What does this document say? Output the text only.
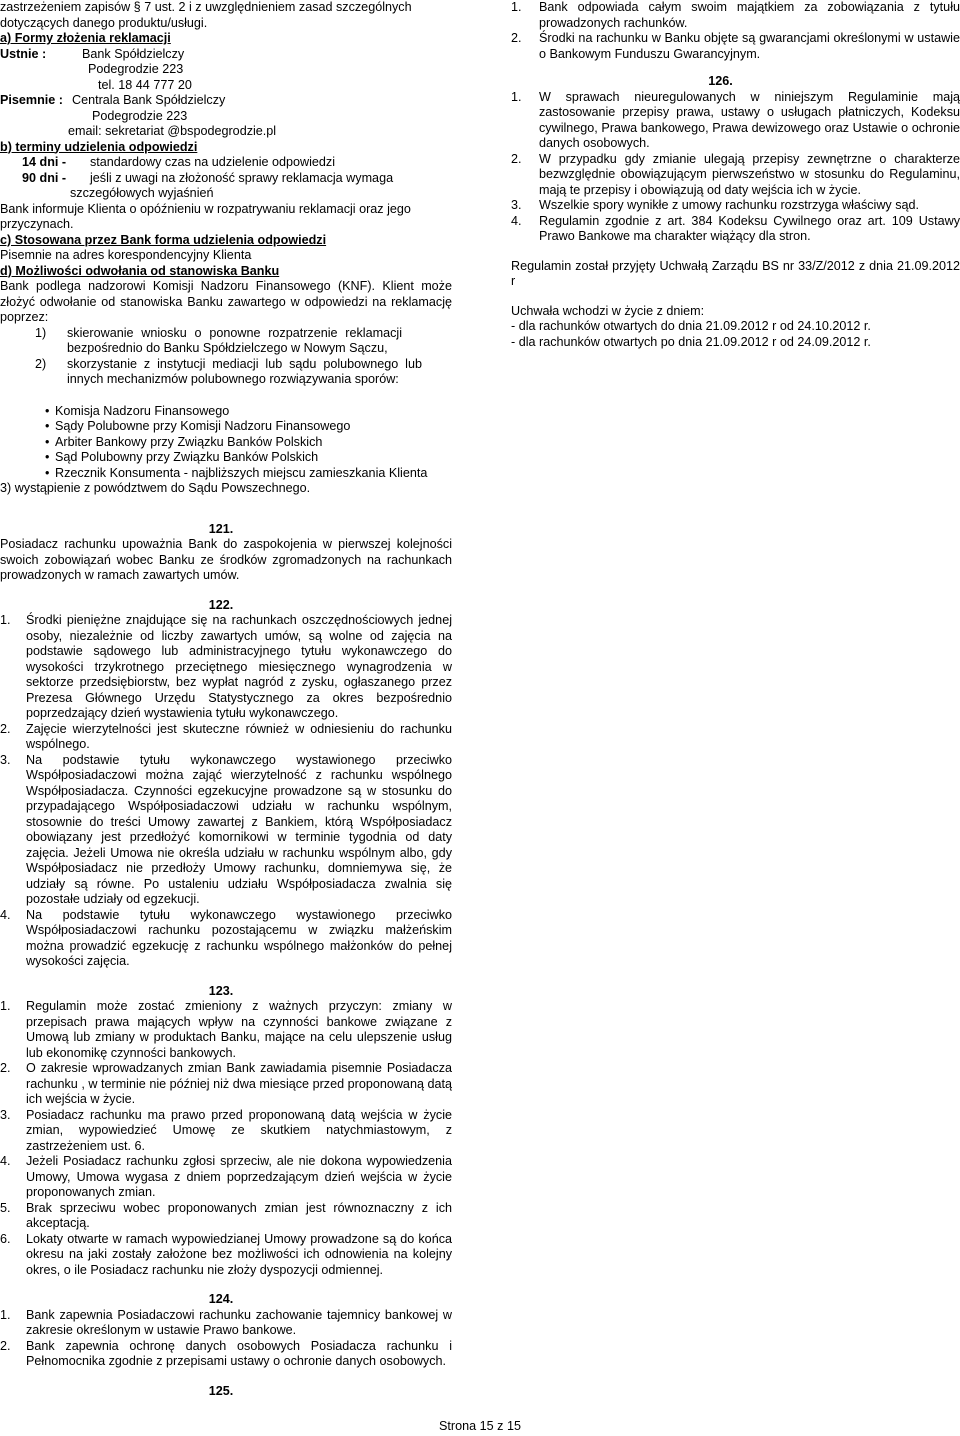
zastrzeżeniem zapisów § 7 ust. 2 i z uwzględnieniem zasad szczególnych

dotyczących danego produktu/usługi.

a) Formy złożenia reklamacji

Ustnie :	Bank Spółdzielczy

Podegrodzie 223

tel. 18 44 777 20

Pisemnie : Centrala Bank Spółdzielczy

Podegrodzie 223

email: sekretariat @bspodegrodzie.pl

b) terminy udzielenia odpowiedzi

14 dni -	standardowy czas na udzielenie odpowiedzi
90 dni -	jeśli z uwagi na złożoność sprawy reklamacja wymaga

szczegółowych wyjaśnień

Bank informuje Klienta o opóźnieniu w rozpatrywaniu reklamacji oraz jego przyczynach.

c) Stosowana przez Bank forma udzielenia odpowiedzi

Pisemnie na adres korespondencyjny Klienta

d) Możliwości odwołania od stanowiska Banku

Bank podlega nadzorowi Komisji Nadzoru Finansowego (KNF). Klient może złożyć odwołanie od stanowiska Banku zawartego w odpowiedzi na reklamację poprzez:

1)	skierowanie wniosku o ponowne rozpatrzenie reklamacji bezpośrednio do Banku Spółdzielczego w Nowym Sączu,
2)	skorzystanie z instytucji mediacji lub sądu polubownego lub innych mechanizmów polubownego rozwiązywania sporów:
• Komisja Nadzoru Finansowego
• Sądy Polubowne przy Komisji Nadzoru Finansowego
• Arbiter Bankowy przy Związku Banków Polskich
• Sąd Polubowny przy Związku Banków Polskich
• Rzecznik Konsumenta - najbliższych miejscu zamieszkania Klienta

3) wystąpienie z powództwem do Sądu Powszechnego.

121.

Posiadacz rachunku upoważnia Bank do zaspokojenia w pierwszej kolejności swoich zobowiązań wobec Banku ze środków zgromadzonych na rachunkach prowadzonych w ramach zawartych umów.

122.

1.	Środki pieniężne znajdujące się na rachunkach oszczędnościowych jednej osoby, niezależnie od liczby zawartych umów, są wolne od zajęcia na podstawie sądowego lub administracyjnego tytułu wykonawczego do wysokości trzykrotnego przeciętnego miesięcznego wynagrodzenia w sektorze przedsiębiorstw, bez wypłat nagród z zysku, ogłaszanego przez Prezesa Głównego Urzędu Statystycznego za okres bezpośrednio poprzedzający dzień wystawienia tytułu wykonawczego.
2.	Zajęcie wierzytelności jest skuteczne również w odniesieniu do rachunku wspólnego.
3.	Na podstawie tytułu wykonawczego wystawionego przeciwko Współposiadaczowi można zająć wierzytelność z rachunku wspólnego Współposiadacza. Czynności egzekucyjne prowadzone są w stosunku do przypadającego Współposiadaczowi udziału w rachunku wspólnym, stosownie do treści Umowy zawartej z Bankiem, którą Współposiadacz obowiązany jest przedłożyć komornikowi w terminie tygodnia od daty zajęcia. Jeżeli Umowa nie określa udziału w rachunku wspólnym albo, gdy Współposiadacz nie przedłoży Umowy rachunku, domniemywa się, że udziały są równe. Po ustaleniu udziału Współposiadacza zwalnia się pozostałe udziały od egzekucji.
4.	Na podstawie tytułu wykonawczego wystawionego przeciwko Współposiadaczowi rachunku pozostającemu w związku małżeńskim można prowadzić egzekucję z rachunku wspólnego małżonków do pełnej wysokości zajęcia.

123.

1.	Regulamin może zostać zmieniony z ważnych przyczyn: zmiany w przepisach prawa mających wpływ na czynności bankowe związane z Umową lub zmiany w produktach Banku, mające na celu ulepszenie usług lub ekonomikę czynności bankowych.
2.	O zakresie wprowadzanych zmian Bank zawiadamia pisemnie Posiadacza rachunku , w terminie nie później niż dwa miesiące przed proponowaną datą ich wejścia w życie.
3.	Posiadacz rachunku ma prawo przed proponowaną datą wejścia w życie zmian, wypowiedzieć Umowę ze skutkiem natychmiastowym, z zastrzeżeniem ust. 6.
4.	Jeżeli Posiadacz rachunku zgłosi sprzeciw, ale nie dokona wypowiedzenia Umowy, Umowa wygasa z dniem poprzedzającym dzień wejścia w życie proponowanych zmian.
5.	Brak sprzeciwu wobec proponowanych zmian jest równoznaczny z ich akceptacją.
6.	Lokaty otwarte w ramach wypowiedzianej Umowy prowadzone są do końca okresu na jaki zostały założone bez możliwości ich odnowienia na kolejny okres, o ile Posiadacz rachunku nie złoży dyspozycji odmiennej.

124.

1.	Bank zapewnia Posiadaczowi rachunku zachowanie tajemnicy bankowej w zakresie określonym w ustawie Prawo bankowe.
2.	Bank zapewnia ochronę danych osobowych Posiadacza rachunku i Pełnomocnika zgodnie z przepisami ustawy o ochronie danych osobowych.

125.

1.	Bank odpowiada całym swoim majątkiem za zobowiązania z tytułu prowadzonych rachunków.
2.	Środki na rachunku w Banku objęte są gwarancjami określonymi w ustawie o Bankowym Funduszu Gwarancyjnym.

126.

1.	W sprawach nieuregulowanych w niniejszym Regulaminie mają zastosowanie przepisy prawa, ustawy o usługach płatniczych, Kodeksu cywilnego, Prawa bankowego, Prawa dewizowego oraz Ustawie o ochronie danych osobowych.
2.	W przypadku gdy zmianie ulegają przepisy zewnętrzne o charakterze bezwzględnie obowiązującym pierwszeństwo w stosunku do Regulaminu, mają te przepisy i obowiązują od daty wejścia ich w życie.
3.	Wszelkie spory wynikłe z umowy rachunku rozstrzyga właściwy sąd.
4.	Regulamin zgodnie z art. 384 Kodeksu Cywilnego oraz art. 109 Ustawy Prawo Bankowe ma charakter wiążący dla stron.

Regulamin został przyjęty Uchwałą Zarządu BS nr 33/Z/2012 z dnia 21.09.2012 r

Uchwała wchodzi w życie z dniem:

- dla rachunków otwartych do dnia 21.09.2012 r od 24.10.2012 r.

- dla rachunków otwartych po dnia 21.09.2012 r od 24.09.2012 r.

Strona 15 z 15
